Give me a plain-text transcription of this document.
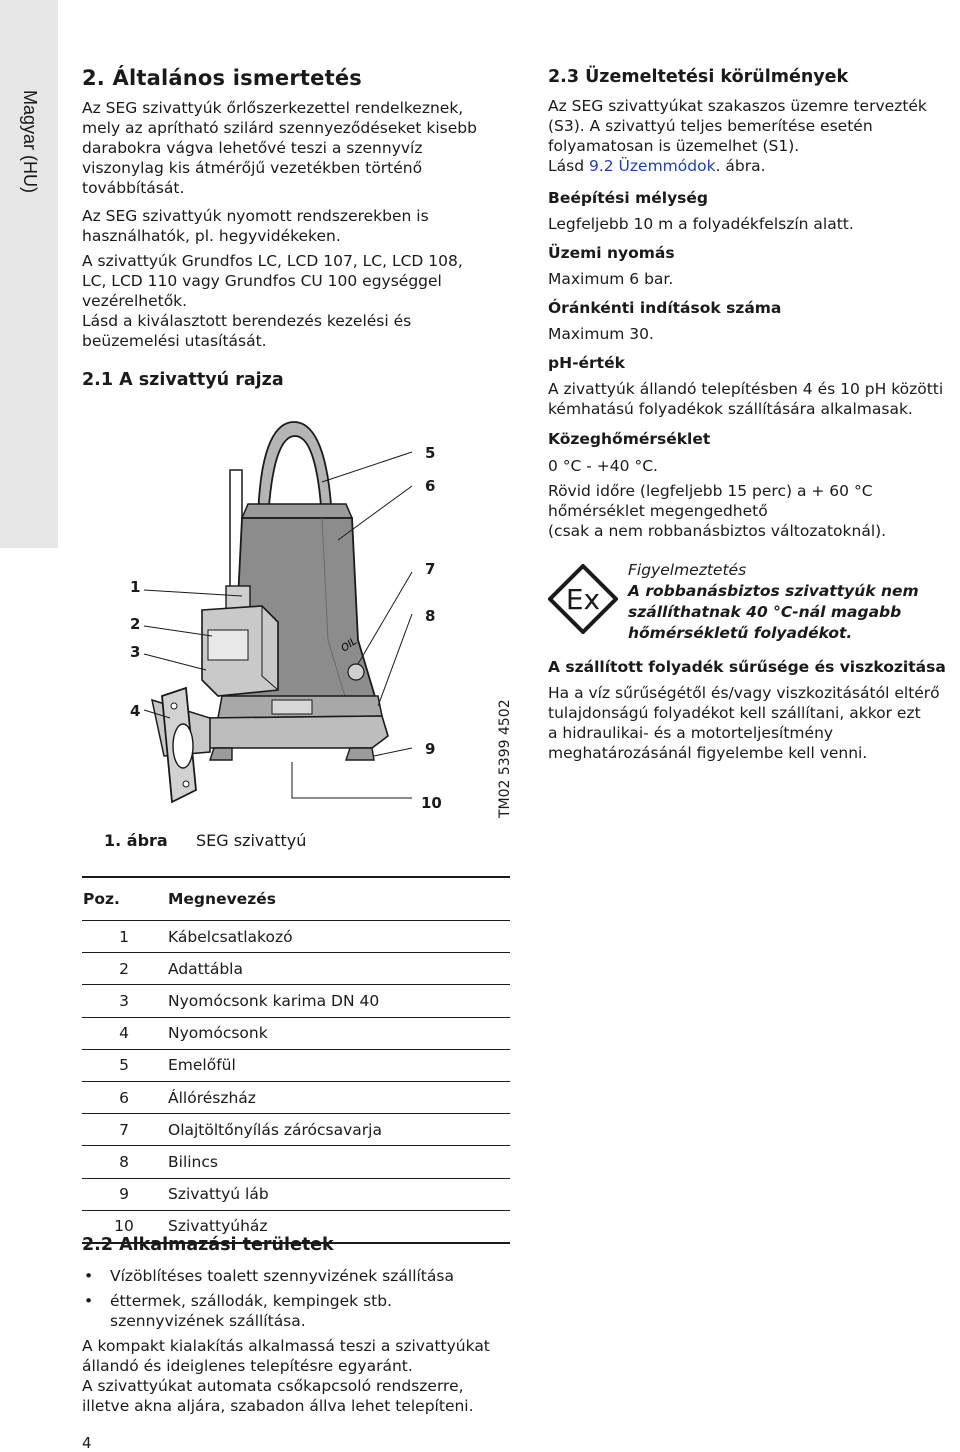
Magyar (HU)
2. Általános ismertetés

Az SEG szivattyúk őrlőszerkezettel rendelkeznek,

mely az aprítható szilárd szennyeződéseket kisebb

darabokra vágva lehetővé teszi a szennyvíz

viszonylag kis átmérőjű vezetékben történő

továbbítását.

Az SEG szivattyúk nyomott rendszerekben is

használhatók, pl. hegyvidékeken.

A szivattyúk Grundfos LC, LCD 107, LC, LCD 108,

LC, LCD 110 vagy Grundfos CU 100 egységgel

vezérelhetők.

Lásd a kiválasztott berendezés kezelési és

beüzemelési utasítását.

2.1 A szivattyú rajza
OIL
1
2
3
4
5
6
7
8
9
10	TM02 5399 4502
1. ábra SEG szivattyú
Poz.	Megnevezés
1	Kábelcsatlakozó
2	Adattábla
3	Nyomócsonk karima DN 40
4	Nyomócsonk
5	Emelőfül
6	Állórészház
7	Olajtöltőnyílás zárócsavarja
8	Bilincs
9	Szivattyú láb
10	Szivattyúház
2.2 Alkalmazási területek
• Vízöblítéses toalett szennyvizének szállítása
• éttermek, szállodák, kempingek stb.
szennyvizének szállítása.

A kompakt kialakítás alkalmassá teszi a szivattyúkat

állandó és ideiglenes telepítésre egyaránt.

A szivattyúkat automata csőkapcsoló rendszerre,

illetve akna aljára, szabadon állva lehet telepíteni.

4
2.3 Üzemeltetési körülmények

Az SEG szivattyúkat szakaszos üzemre tervezték

(S3). A szivattyú teljes bemerítése esetén

folyamatosan is üzemelhet (S1).

Lásd 9.2 Üzemmódok. ábra.

Beépítési mélység

Legfeljebb 10 m a folyadékfelszín alatt.

Üzemi nyomás

Maximum 6 bar.

Óránkénti indítások száma

Maximum 30.

pH-érték

A zivattyúk állandó telepítésben 4 és 10 pH közötti

kémhatású folyadékok szállítására alkalmasak.

Közeghőmérséklet

0 °C - +40 °C.

Rövid időre (legfeljebb 15 perc) a + 60 °C

hőmérséklet megengedhető

(csak a nem robbanásbiztos változatoknál).

Ex
Figyelmeztetés
A robbanásbiztos szivattyúk nem
szállíthatnak 40 °C-nál magabb
hőmérsékletű folyadékot.
A szállított folyadék sűrűsége és viszkozitása

Ha a víz sűrűségétől és/vagy viszkozitásától eltérő

tulajdonságú folyadékot kell szállítani, akkor ezt

a hidraulikai- és a motorteljesítmény

meghatározásánál figyelembe kell venni.
